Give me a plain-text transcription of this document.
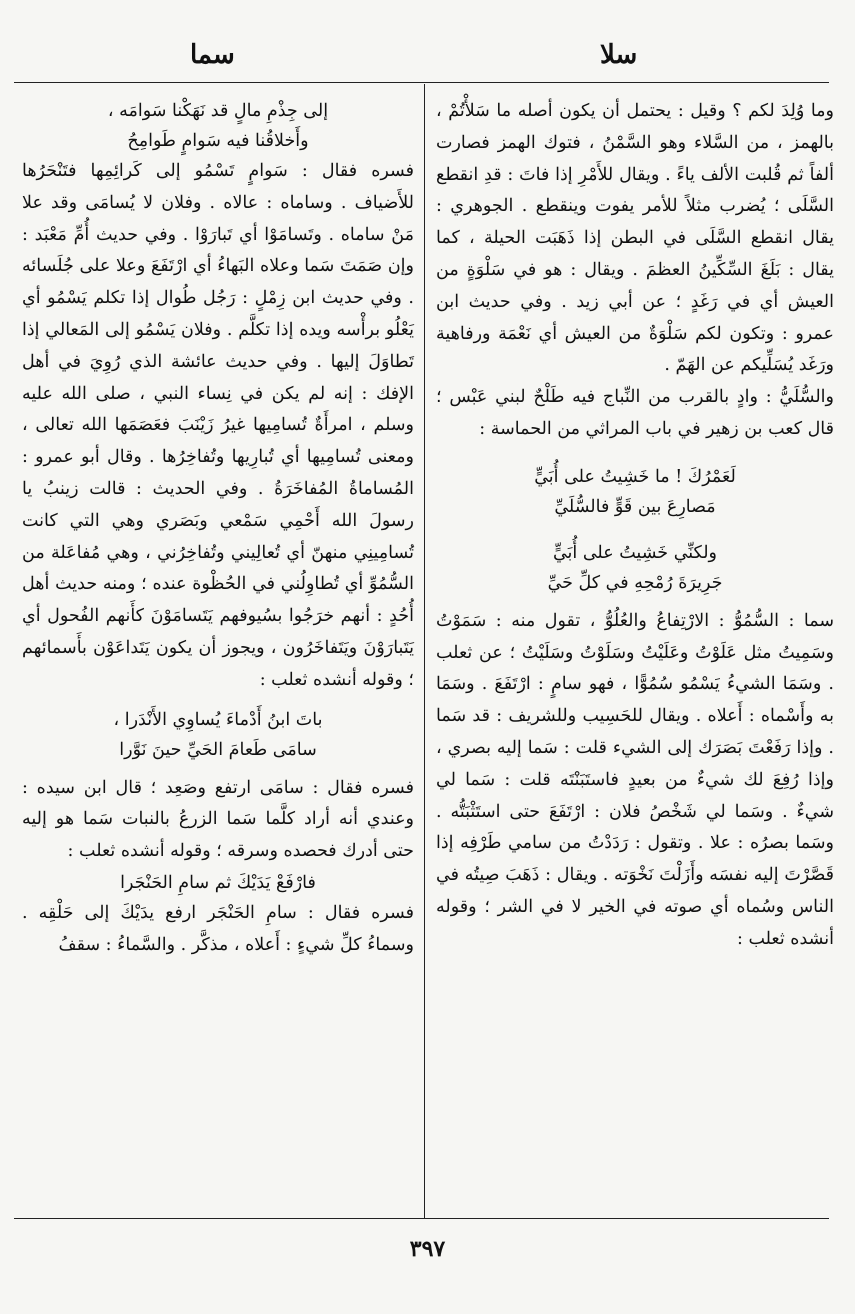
سلا
سما

وما وُلِدَ لكم ؟ وقيل : يحتمل أن يكون أصله ما سَلأْتُمْ ، بالهمز ، من السَّلاء وهو السَّمْنُ ، فتوك الهمز فصارت ألفاً ثم قُلبت الألف ياءً . ويقال للأَمْرِ إذا فاتَ : قدِ انقطع السَّلَى ؛ يُضرب مثلاً للأمر يفوت وينقطع . الجوهري : يقال انقطع السَّلَى في البطن إذا ذَهَبَت الحيلة ، كما يقال : بَلَغَ السِّكِّينُ العظمَ . ويقال : هو في سَلْوَةٍ من العيش أي في رَغَدٍ ؛ عن أبي زيد . وفي حديث ابن عمرو : وتكون لكم سَلْوَةٌ من العيش أي نَعْمَة ورفاهية ورَغَد يُسَلِّيكم عن الهَمّ .

والسُّلَيُّ : وادٍ بالقرب من النِّباج فيه طَلْحٌ لبني عَبْس ؛ قال كعب بن زهير في باب المراثي من الحماسة :

لَعَمْرُكَ ! ما خَشِيتُ على أُبَيٍّ

مَصارِعَ بين قَوٍّ فالسُّلَيِّ

ولكنِّي خَشِيتُ على أُبَيٍّ

جَرِيرَةَ رُمْحِهِ في كلِّ حَيِّ

سما : السُّمُوُّ : الارْتِفاعُ والعُلُوُّ ، تقول منه : سَمَوْتُ وسَمِيتُ مثل عَلَوْتُ وعَلَيْتُ وسَلَوْتُ وسَلَيْتُ ؛ عن ثعلب . وسَمَا الشيءُ يَسْمُو سُمُوًّا ، فهو سامٍ : ارْتَفَعَ . وسَمَا به وأَسْماه : أَعلاه . ويقال للحَسِيب وللشريف : قد سَما . وإذا رَفَعْتَ بَصَرَك إلى الشيء قلت : سَما إليه بصري ، وإذا رُفِعَ لك شيءٌ من بعيدٍ فاستَبَنْتَه قلت : سَما لي شيءٌ . وسَما لي شَخْصُ فلان : ارْتَفَعَ حتى استَثْبَتُّه . وسَما بصرُه : علا . وتقول : رَدَدْتُ من سامي طَرْفِه إذا قَصَّرْتَ إليه نفسَه وأَزَلْتَ نَخْوَته . ويقال : ذَهَبَ صِيتُه في الناس وسُماه أي صوته في الخير لا في الشر ؛ وقوله أنشده ثعلب :

إلى جِذْمِ مالٍ قد نَهَكْنا سَوامَه ،

وأَخلاقُنا فيه سَوامٍ طَوامِحُ

فسره فقال : سَوامٍ تَسْمُو إلى كَرائِمِها فتَنْحَرُها للأَضياف . وساماه : عالاه . وفلان لا يُسامَى وقد علا مَنْ ساماه . وتَسامَوْا أي تَبارَوْا . وفي حديث أُمِّ مَعْبَد : وإن صَمَتَ سَما وعلاه البَهاءُ أي ارْتَفَعَ وعلا على جُلَسائه . وفي حديث ابن زِمْلٍ : رَجُل طُوال إذا تكلم يَسْمُو أي يَعْلُو برأْسه ويده إذا تكلَّم . وفلان يَسْمُو إلى المَعالي إذا تَطاوَلَ إليها . وفي حديث عائشة الذي رُوِيَ في أهل الإفك : إنه لم يكن في نِساء النبي ، صلى الله عليه وسلم ، امرأَةٌ تُسامِيها غيرُ زَيْنَبَ فعَصَمَها الله تعالى ، ومعنى تُسامِيها أي تُبارِيها وتُفاخِرُها . وقال أبو عمرو : المُساماةُ المُفاخَرَةُ . وفي الحديث : قالت زينبُ يا رسولَ الله أَحْمِي سَمْعي وبَصَري وهي التي كانت تُسامِينِي منهنّ أي تُعالِيني وتُفاخِرُني ، وهي مُفاعَلة من السُّمُوِّ أي تُطاوِلُني في الحُظْوة عنده ؛ ومنه حديث أهل أُحُدٍ : أنهم خرَجُوا بسُيوفهم يَتَسامَوْنَ كأَنهم الفُحول أي يَتَبارَوْنَ ويَتَفاخَرُون ، ويجوز أن يكون يَتَداعَوْن بأَسمائهم ؛ وقوله أنشده ثعلب :

باتَ ابنُ أَدْماءَ يُساوِي الأَنْدَرا ،

سامَى طَعامَ الحَيِّ حينَ نَوَّرا

فسره فقال : سامَى ارتفع وصَعِد ؛ قال ابن سيده : وعندي أنه أراد كلَّما سَما الزرعُ بالنبات سَما هو إليه حتى أدرك فحصده وسرقه ؛ وقوله أنشده ثعلب :

فارْفَعْ يَدَيْكَ ثم سامِ الحَنْجَرا

فسره فقال : سامِ الحَنْجَر ارفع يدَيْكَ إلى حَلْقِه . وسماءُ كلِّ شيءٍ : أَعلاه ، مذكَّر . والسَّماءُ : سقفُ

٣٩٧
